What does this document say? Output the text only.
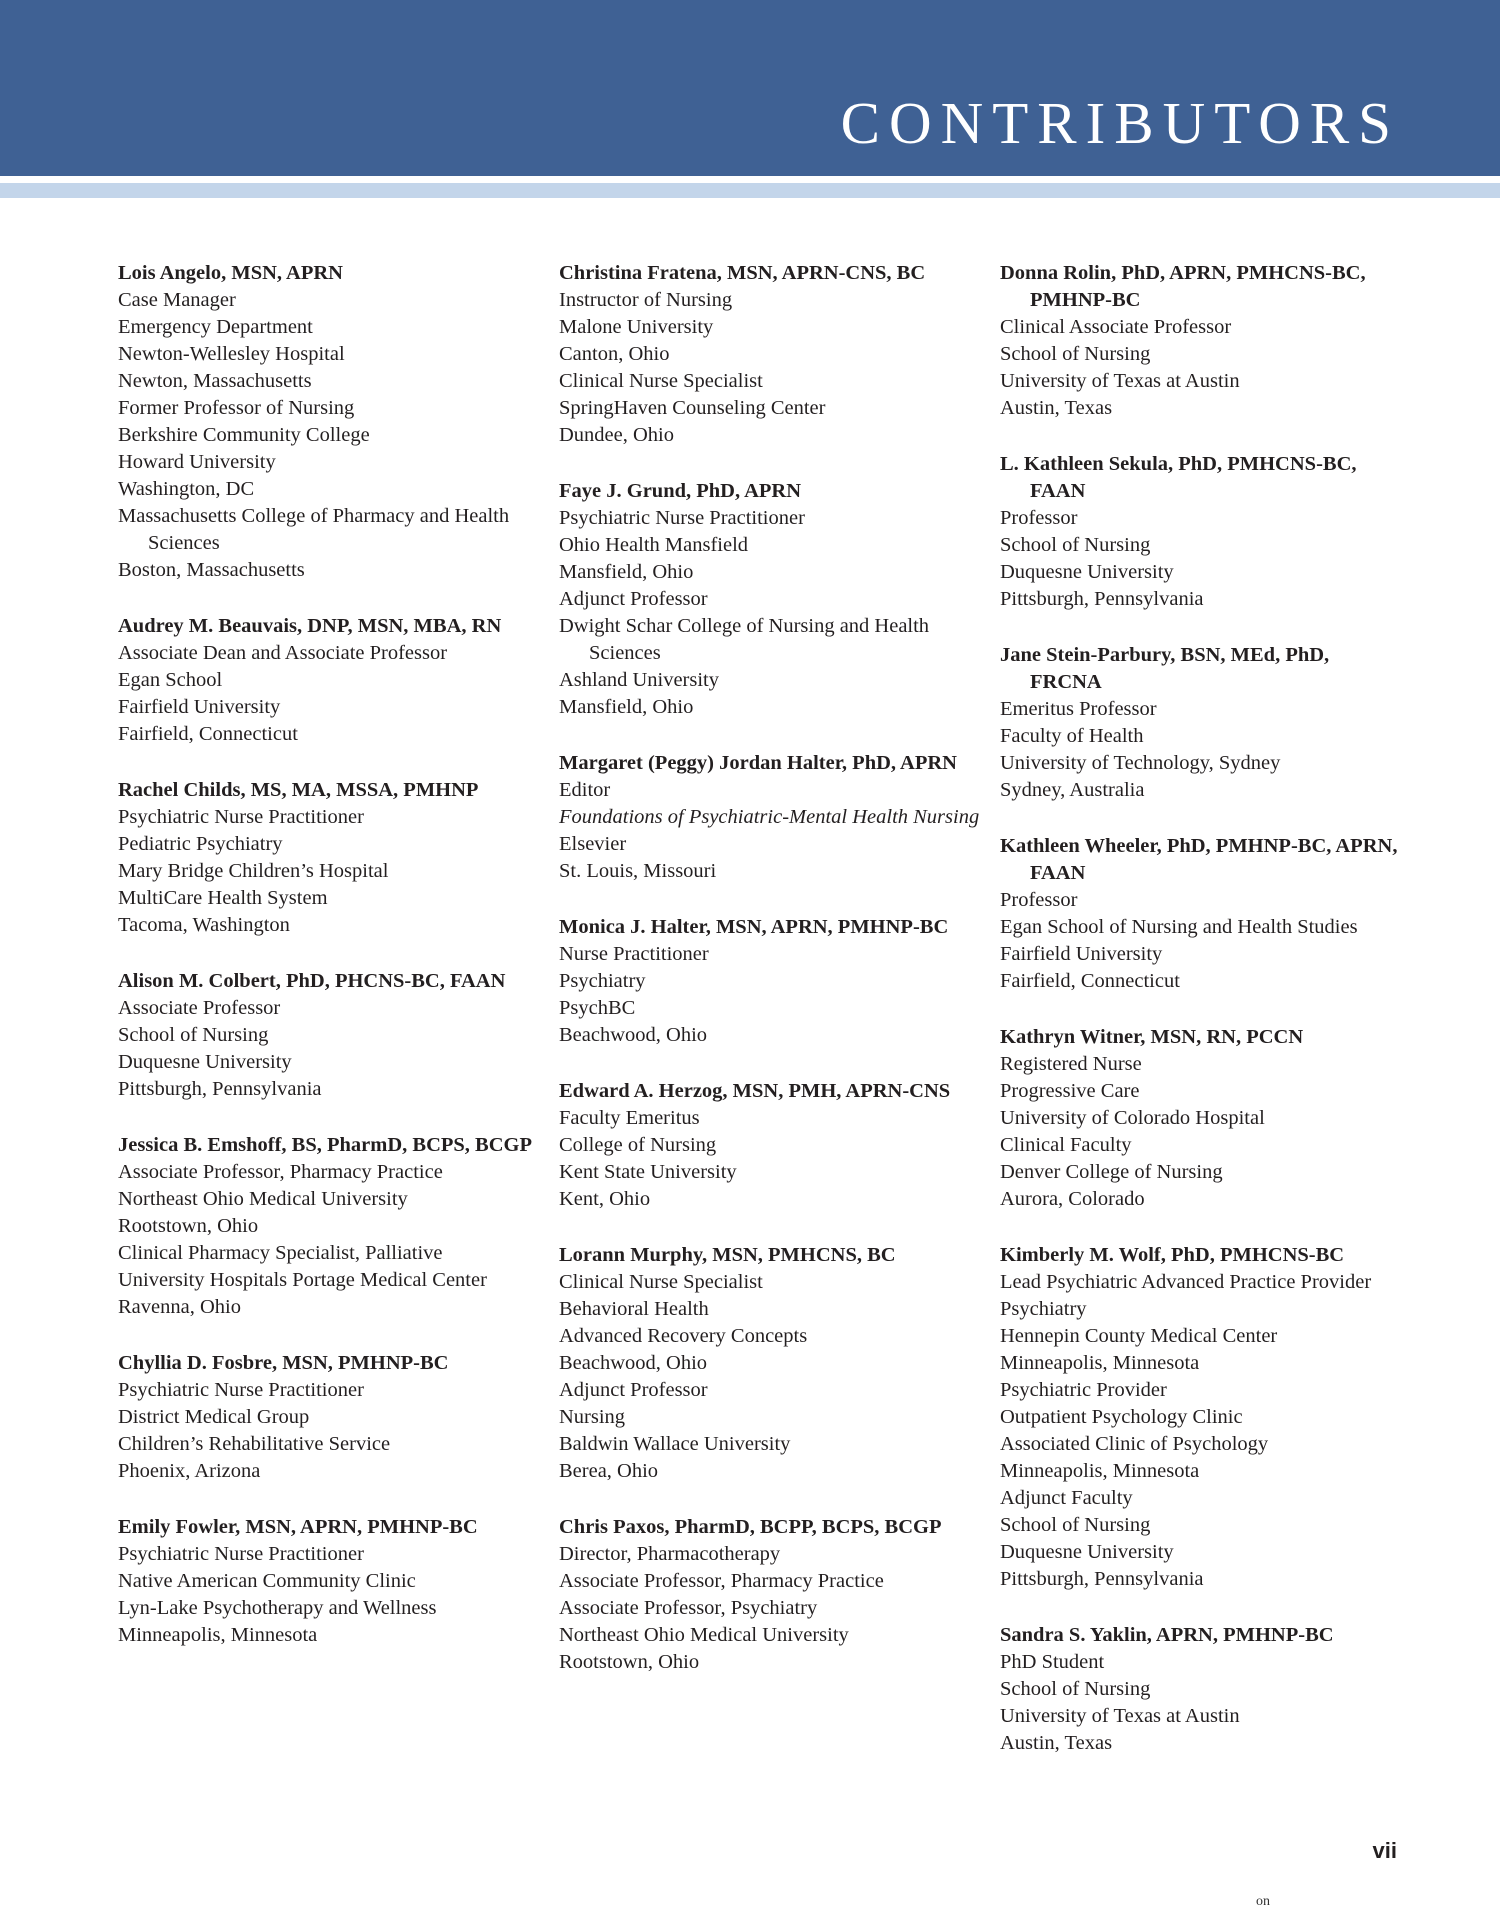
CONTRIBUTORS
Lois Angelo, MSN, APRN
Case Manager
Emergency Department
Newton-Wellesley Hospital
Newton, Massachusetts
Former Professor of Nursing
Berkshire Community College
Howard University
Washington, DC
Massachusetts College of Pharmacy and Health Sciences
Boston, Massachusetts
Audrey M. Beauvais, DNP, MSN, MBA, RN
Associate Dean and Associate Professor
Egan School
Fairfield University
Fairfield, Connecticut
Rachel Childs, MS, MA, MSSA, PMHNP
Psychiatric Nurse Practitioner
Pediatric Psychiatry
Mary Bridge Children’s Hospital
MultiCare Health System
Tacoma, Washington
Alison M. Colbert, PhD, PHCNS-BC, FAAN
Associate Professor
School of Nursing
Duquesne University
Pittsburgh, Pennsylvania
Jessica B. Emshoff, BS, PharmD, BCPS, BCGP
Associate Professor, Pharmacy Practice
Northeast Ohio Medical University
Rootstown, Ohio
Clinical Pharmacy Specialist, Palliative
University Hospitals Portage Medical Center
Ravenna, Ohio
Chyllia D. Fosbre, MSN, PMHNP-BC
Psychiatric Nurse Practitioner
District Medical Group
Children’s Rehabilitative Service
Phoenix, Arizona
Emily Fowler, MSN, APRN, PMHNP-BC
Psychiatric Nurse Practitioner
Native American Community Clinic
Lyn-Lake Psychotherapy and Wellness
Minneapolis, Minnesota
Christina Fratena, MSN, APRN-CNS, BC
Instructor of Nursing
Malone University
Canton, Ohio
Clinical Nurse Specialist
SpringHaven Counseling Center
Dundee, Ohio
Faye J. Grund, PhD, APRN
Psychiatric Nurse Practitioner
Ohio Health Mansfield
Mansfield, Ohio
Adjunct Professor
Dwight Schar College of Nursing and Health Sciences
Ashland University
Mansfield, Ohio
Margaret (Peggy) Jordan Halter, PhD, APRN
Editor
Foundations of Psychiatric-Mental Health Nursing
Elsevier
St. Louis, Missouri
Monica J. Halter, MSN, APRN, PMHNP-BC
Nurse Practitioner
Psychiatry
PsychBC
Beachwood, Ohio
Edward A. Herzog, MSN, PMH, APRN-CNS
Faculty Emeritus
College of Nursing
Kent State University
Kent, Ohio
Lorann Murphy, MSN, PMHCNS, BC
Clinical Nurse Specialist
Behavioral Health
Advanced Recovery Concepts
Beachwood, Ohio
Adjunct Professor
Nursing
Baldwin Wallace University
Berea, Ohio
Chris Paxos, PharmD, BCPP, BCPS, BCGP
Director, Pharmacotherapy
Associate Professor, Pharmacy Practice
Associate Professor, Psychiatry
Northeast Ohio Medical University
Rootstown, Ohio
Donna Rolin, PhD, APRN, PMHCNS-BC, PMHNP-BC
Clinical Associate Professor
School of Nursing
University of Texas at Austin
Austin, Texas
L. Kathleen Sekula, PhD, PMHCNS-BC, FAAN
Professor
School of Nursing
Duquesne University
Pittsburgh, Pennsylvania
Jane Stein-Parbury, BSN, MEd, PhD, FRCNA
Emeritus Professor
Faculty of Health
University of Technology, Sydney
Sydney, Australia
Kathleen Wheeler, PhD, PMHNP-BC, APRN, FAAN
Professor
Egan School of Nursing and Health Studies
Fairfield University
Fairfield, Connecticut
Kathryn Witner, MSN, RN, PCCN
Registered Nurse
Progressive Care
University of Colorado Hospital
Clinical Faculty
Denver College of Nursing
Aurora, Colorado
Kimberly M. Wolf, PhD, PMHCNS-BC
Lead Psychiatric Advanced Practice Provider
Psychiatry
Hennepin County Medical Center
Minneapolis, Minnesota
Psychiatric Provider
Outpatient Psychology Clinic
Associated Clinic of Psychology
Minneapolis, Minnesota
Adjunct Faculty
School of Nursing
Duquesne University
Pittsburgh, Pennsylvania
Sandra S. Yaklin, APRN, PMHNP-BC
PhD Student
School of Nursing
University of Texas at Austin
Austin, Texas
vii
on
